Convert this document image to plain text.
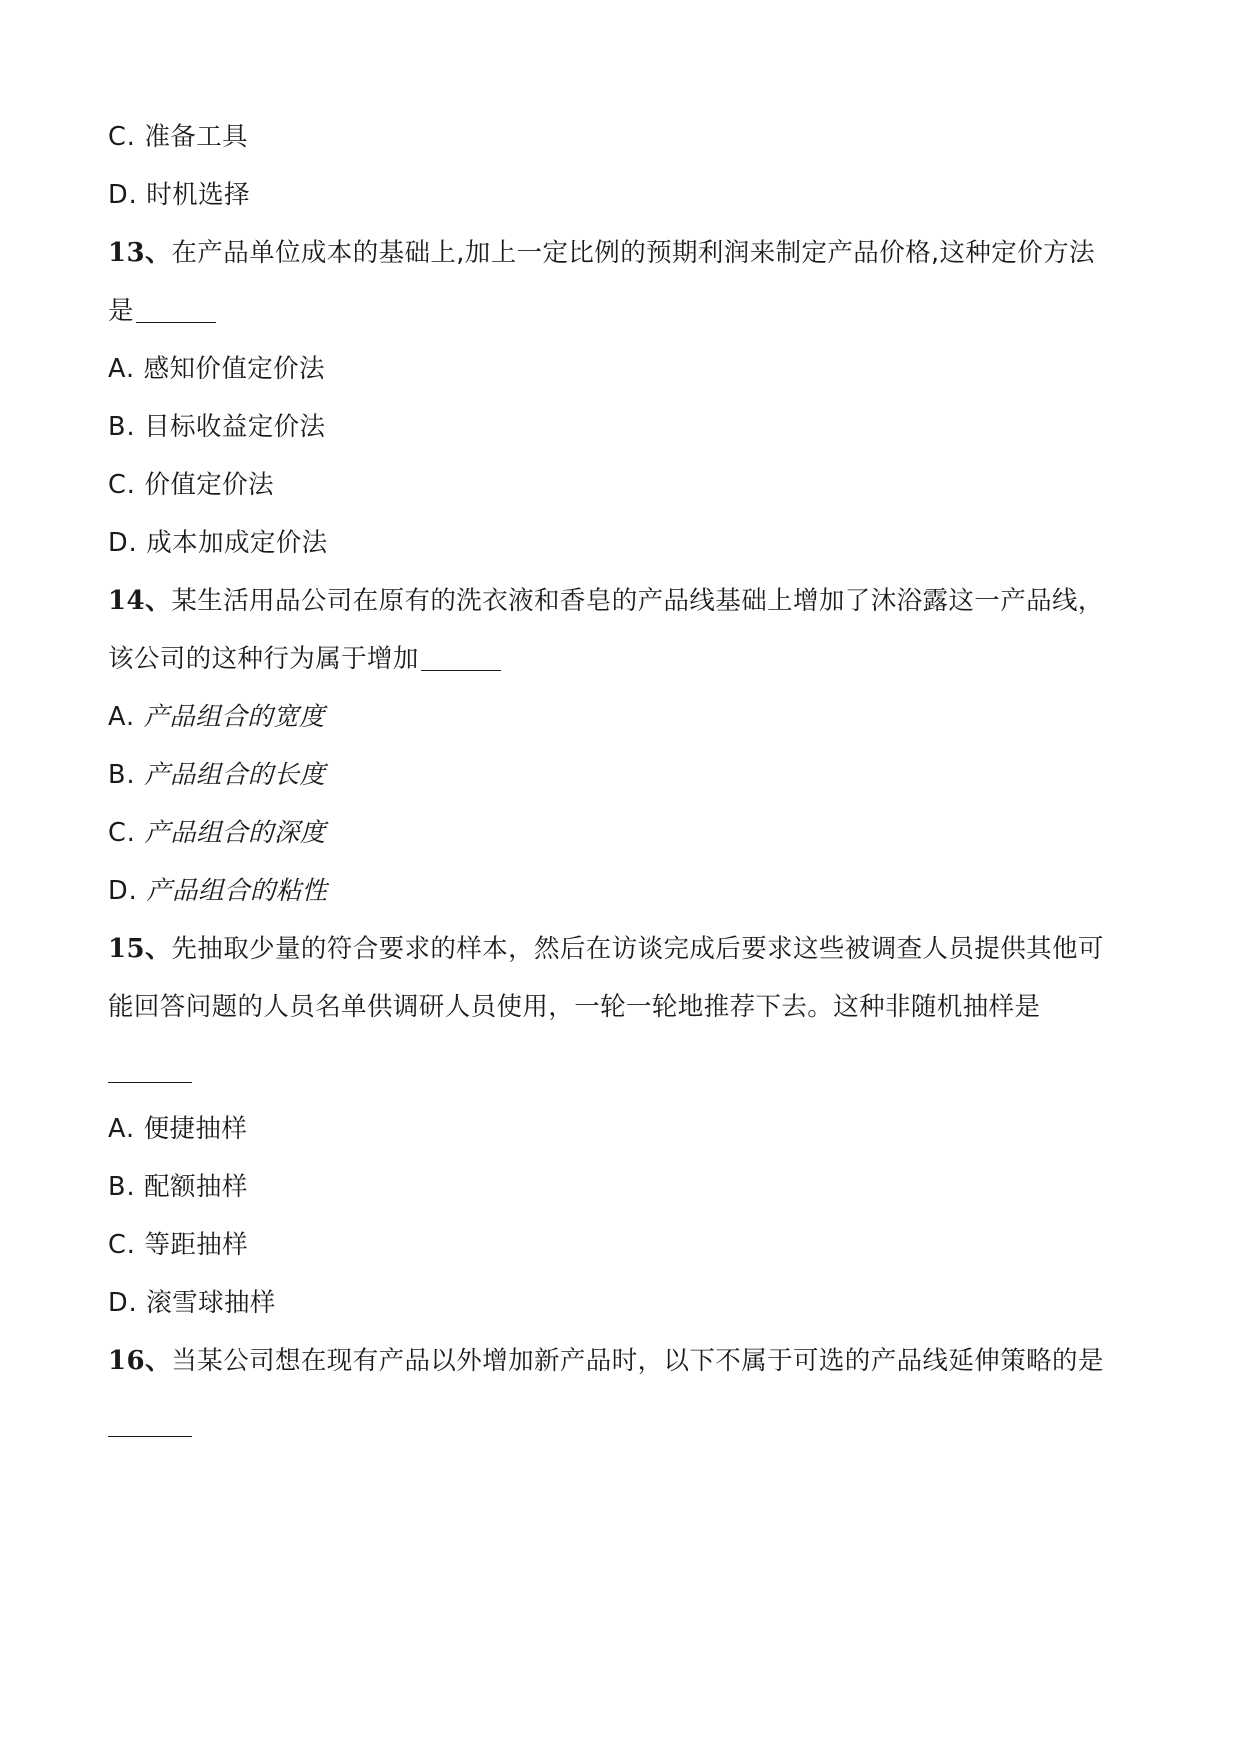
C. 准备工具
D. 时机选择
13、在产品单位成本的基础上,加上一定比例的预期利润来制定产品价格,这种定价方法
是
A. 感知价值定价法
B. 目标收益定价法
C. 价值定价法
D. 成本加成定价法
14、某生活用品公司在原有的洗衣液和香皂的产品线基础上增加了沐浴露这一产品线，
该公司的这种行为属于增加
A. 产品组合的宽度
B. 产品组合的长度
C. 产品组合的深度
D. 产品组合的粘性
15、先抽取少量的符合要求的样本，然后在访谈完成后要求这些被调查人员提供其他可
能回答问题的人员名单供调研人员使用，一轮一轮地推荐下去。这种非随机抽样是
A. 便捷抽样
B. 配额抽样
C. 等距抽样
D. 滚雪球抽样
16、当某公司想在现有产品以外增加新产品时，以下不属于可选的产品线延伸策略的是
